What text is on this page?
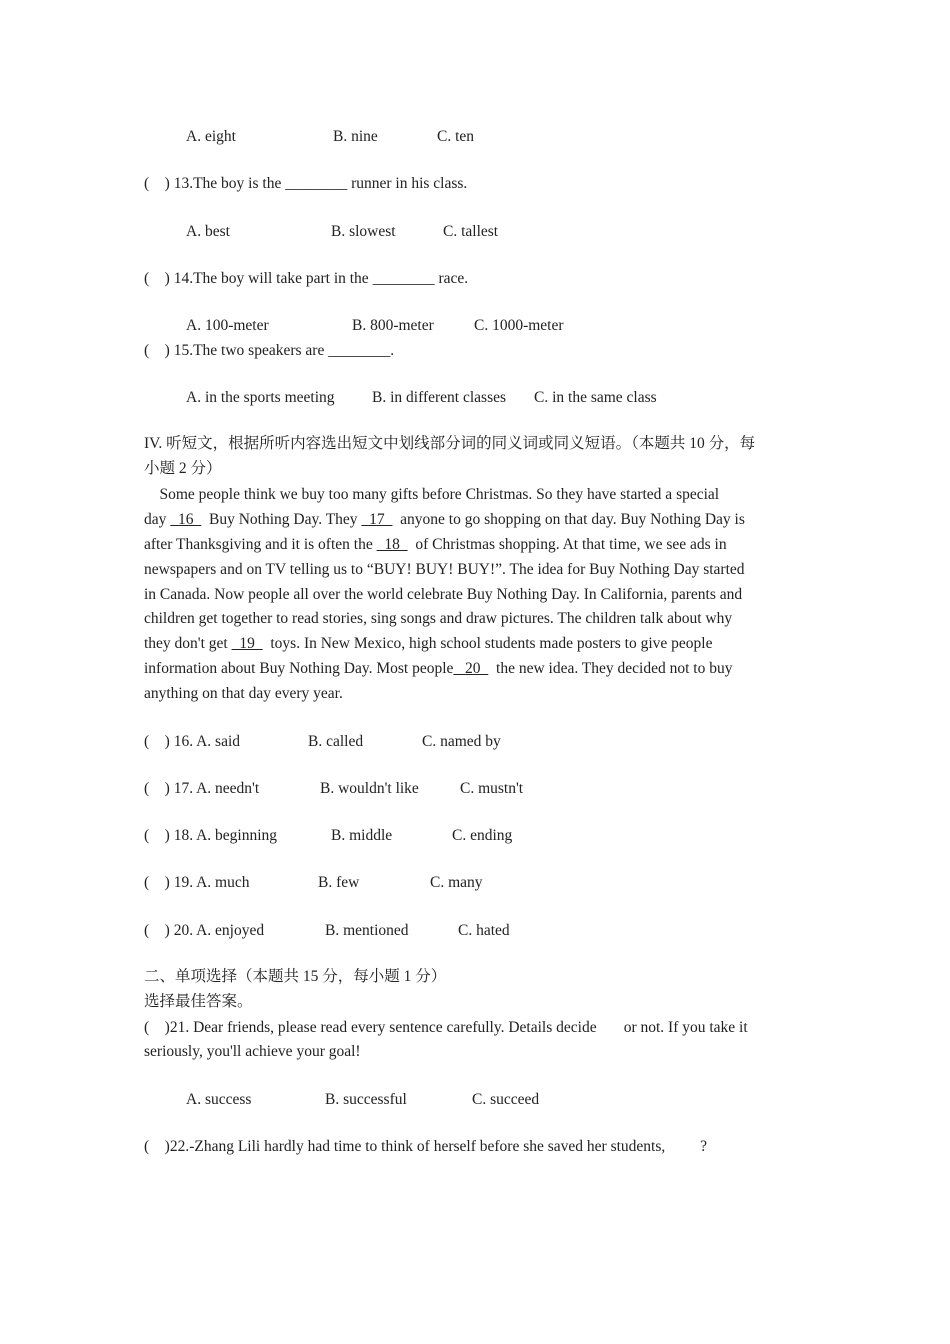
A. eight	B. nine	C. ten
(    ) 13.The boy is the ________ runner in his class.
A. best	B. slowest	C. tallest
(    ) 14.The boy will take part in the ________ race.
A. 100-meter	B. 800-meter	C. 1000-meter
(    ) 15.The two speakers are ________.
A. in the sports meeting B. in different classes C. in the same class
IV. 听短文，根据所听内容选出短文中划线部分词的同义词或同义短语。（本题共 10 分，每
小题 2 分）
Some people think we buy too many gifts before Christmas. So they have started a special
day   16    Buy Nothing Day. They   17    anyone to go shopping on that day. Buy Nothing Day is
after Thanksgiving and it is often the   18    of Christmas shopping. At that time, we see ads in
newspapers and on TV telling us to “BUY! BUY! BUY!”. The idea for Buy Nothing Day started
in Canada. Now people all over the world celebrate Buy Nothing Day. In California, parents and
children get together to read stories, sing songs and draw pictures. The children talk about why
they don't get   19    toys. In New Mexico, high school students made posters to give people
information about Buy Nothing Day. Most people   20    the new idea. They decided not to buy
anything on that day every year.
(    ) 16. A. said	B. called	C. named by
(    ) 17. A. needn't	B. wouldn't like	C. mustn't
(    ) 18. A. beginning	B. middle	C. ending
(    ) 19. A. much	B. few	C. many
(    ) 20. A. enjoyed	B. mentioned	C. hated
二、单项选择（本题共 15 分，每小题 1 分）
选择最佳答案。
(    )21. Dear friends, please read every sentence carefully. Details decide       or not. If you take it
seriously, you'll achieve your goal!
A. success	B. successful	C. succeed
(    )22.-Zhang Lili hardly had time to think of herself before she saved her students,         ?
